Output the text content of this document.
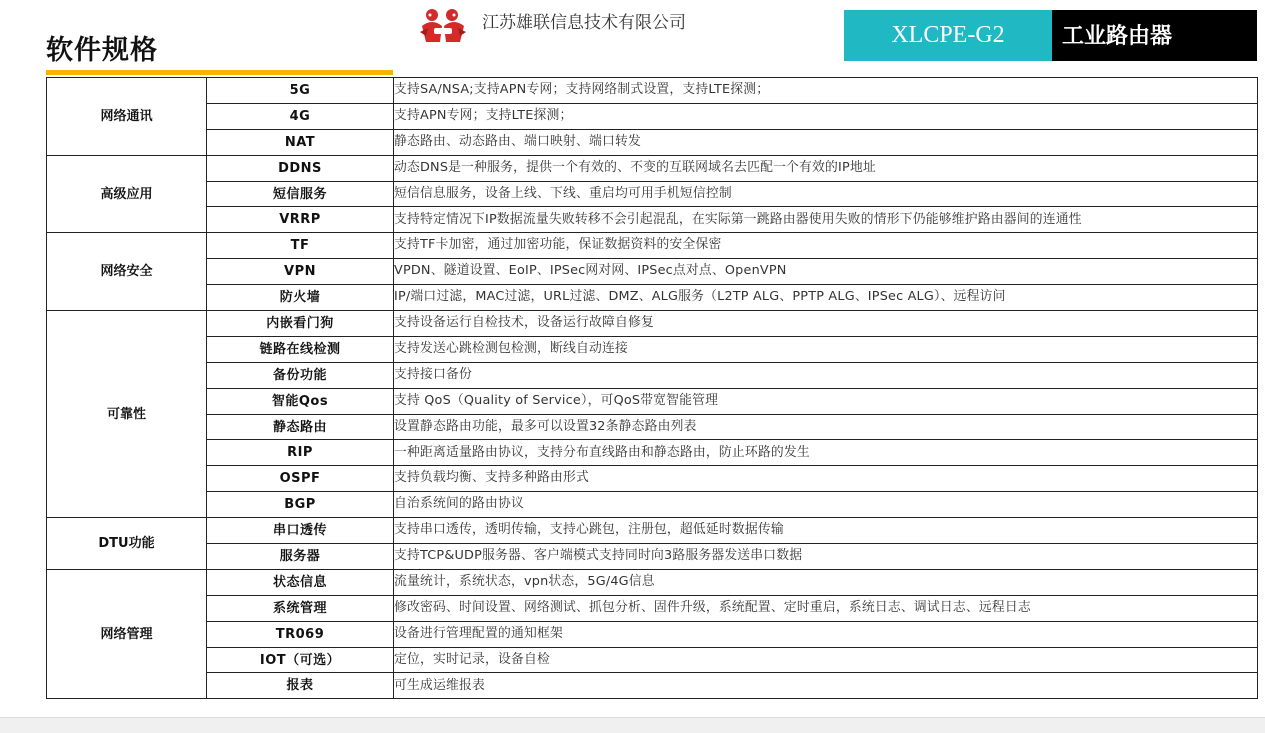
软件规格
江苏雄联信息技术有限公司	XLCPE-G2	工业路由器
网络通讯	5G	支持SA/NSA;支持APN专网；支持网络制式设置，支持LTE探测；
	4G	支持APN专网；支持LTE探测；
	NAT	静态路由、动态路由、端口映射、端口转发
高级应用	DDNS	动态DNS是一种服务，提供一个有效的、不变的互联网域名去匹配一个有效的IP地址
	短信服务	短信信息服务，设备上线、下线、重启均可用手机短信控制
	VRRP	支持特定情况下IP数据流量失败转移不会引起混乱，在实际第一跳路由器使用失败的情形下仍能够维护路由器间的连通性
网络安全	TF	支持TF卡加密，通过加密功能，保证数据资料的安全保密
	VPN	VPDN、隧道设置、EoIP、IPSec网对网、IPSec点对点、OpenVPN
	防火墙	IP/端口过滤，MAC过滤，URL过滤、DMZ、ALG服务（L2TP ALG、PPTP ALG、IPSec ALG）、远程访问
可靠性	内嵌看门狗	支持设备运行自检技术，设备运行故障自修复
	链路在线检测	支持发送心跳检测包检测，断线自动连接
	备份功能	支持接口备份
	智能Qos	支持 QoS（Quality of Service），可QoS带宽智能管理
	静态路由	设置静态路由功能，最多可以设置32条静态路由列表
	RIP	一种距离适量路由协议，支持分布直线路由和静态路由，防止环路的发生
	OSPF	支持负载均衡、支持多种路由形式
	BGP	自治系统间的路由协议
DTU功能	串口透传	支持串口透传，透明传输，支持心跳包，注册包，超低延时数据传输
	服务器	支持TCP&UDP服务器、客户端模式支持同时向3路服务器发送串口数据
网络管理	状态信息	流量统计，系统状态，vpn状态，5G/4G信息
	系统管理	修改密码、时间设置、网络测试、抓包分析、固件升级，系统配置、定时重启，系统日志、调试日志、远程日志
	TR069	设备进行管理配置的通知框架
	IOT（可选）	定位，实时记录，设备自检
	报表	可生成运维报表
